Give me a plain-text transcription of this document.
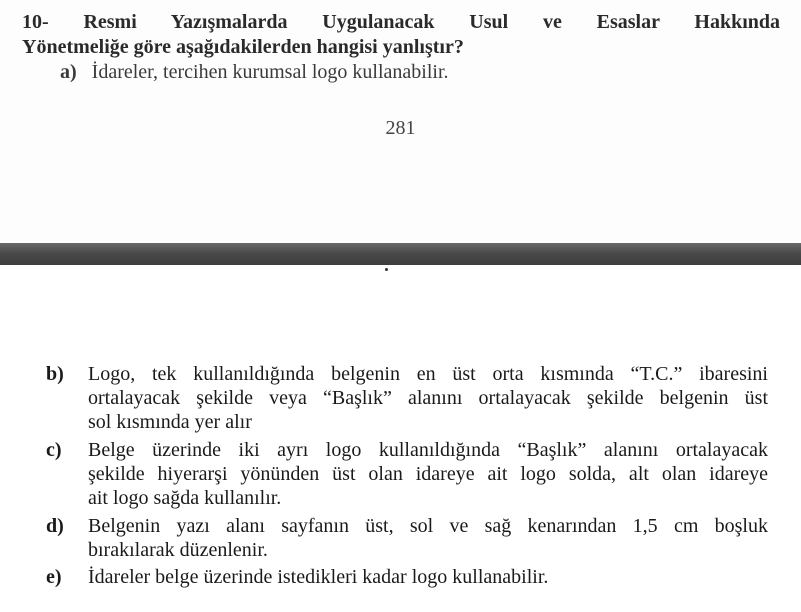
10- Resmi Yazışmalarda Uygulanacak Usul ve Esaslar Hakkında
Yönetmeliğe göre aşağıdakilerden hangisi yanlıştır?
a) İdareler, tercihen kurumsal logo kullanabilir.
281
b) Logo, tek kullanıldığında belgenin en üst orta kısmında “T.C.” ibaresini
ortalayacak şekilde veya “Başlık” alanını ortalayacak şekilde belgenin üst
sol kısmında yer alır
c) Belge üzerinde iki ayrı logo kullanıldığında “Başlık” alanını ortalayacak
şekilde hiyerarşi yönünden üst olan idareye ait logo solda, alt olan idareye
ait logo sağda kullanılır.
d) Belgenin yazı alanı sayfanın üst, sol ve sağ kenarından 1,5 cm boşluk
bırakılarak düzenlenir.
e) İdareler belge üzerinde istedikleri kadar logo kullanabilir.
